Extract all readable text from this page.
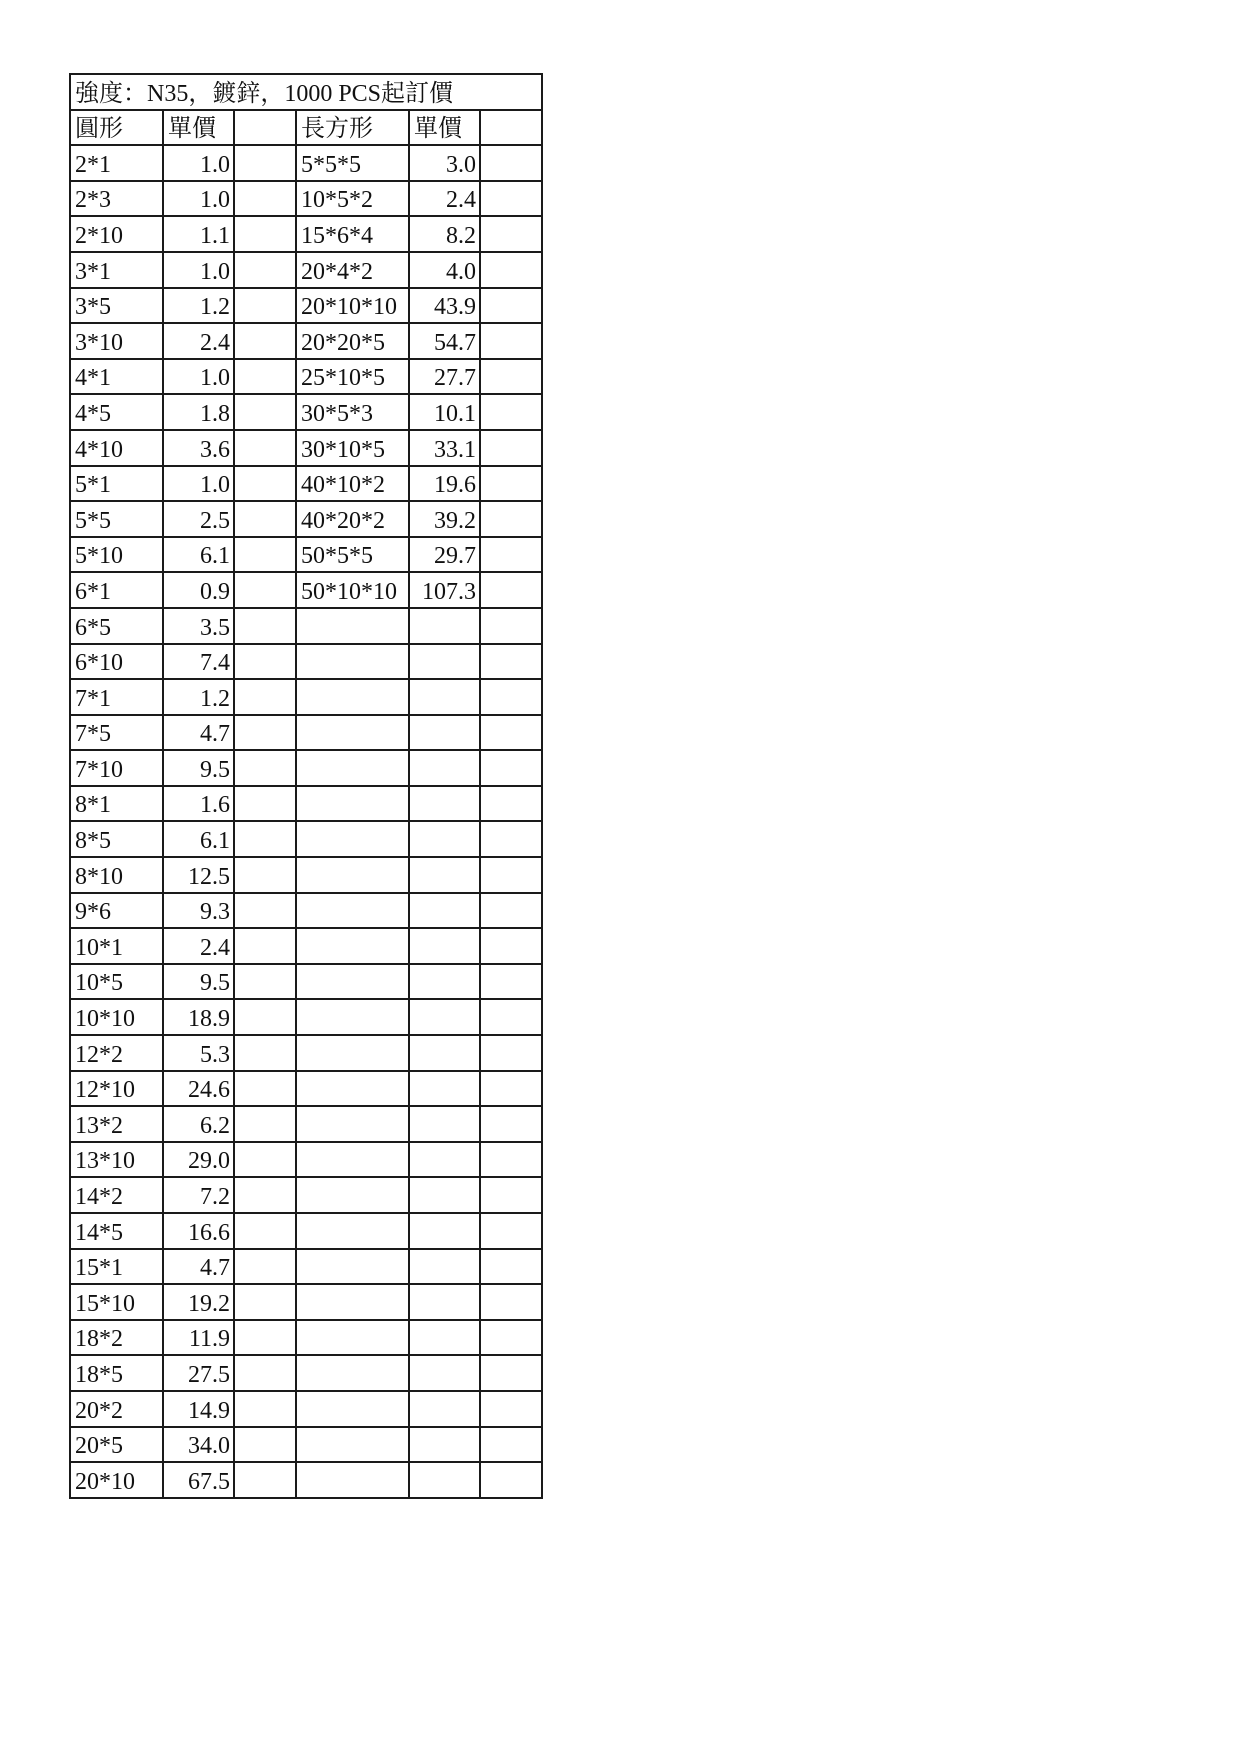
強度：N35，鍍鋅，1000 PCS起訂價					
圓形	單價		長方形	單價	
2*1	1.0		5*5*5	3.0	
2*3	1.0		10*5*2	2.4	
2*10	1.1		15*6*4	8.2	
3*1	1.0		20*4*2	4.0	
3*5	1.2		20*10*10	43.9	
3*10	2.4		20*20*5	54.7	
4*1	1.0		25*10*5	27.7	
4*5	1.8		30*5*3	10.1	
4*10	3.6		30*10*5	33.1	
5*1	1.0		40*10*2	19.6	
5*5	2.5		40*20*2	39.2	
5*10	6.1		50*5*5	29.7	
6*1	0.9		50*10*10	107.3	
6*5	3.5				
6*10	7.4				
7*1	1.2				
7*5	4.7				
7*10	9.5				
8*1	1.6				
8*5	6.1				
8*10	12.5				
9*6	9.3				
10*1	2.4				
10*5	9.5				
10*10	18.9				
12*2	5.3				
12*10	24.6				
13*2	6.2				
13*10	29.0				
14*2	7.2				
14*5	16.6				
15*1	4.7				
15*10	19.2				
18*2	11.9				
18*5	27.5				
20*2	14.9				
20*5	34.0				
20*10	67.5				
